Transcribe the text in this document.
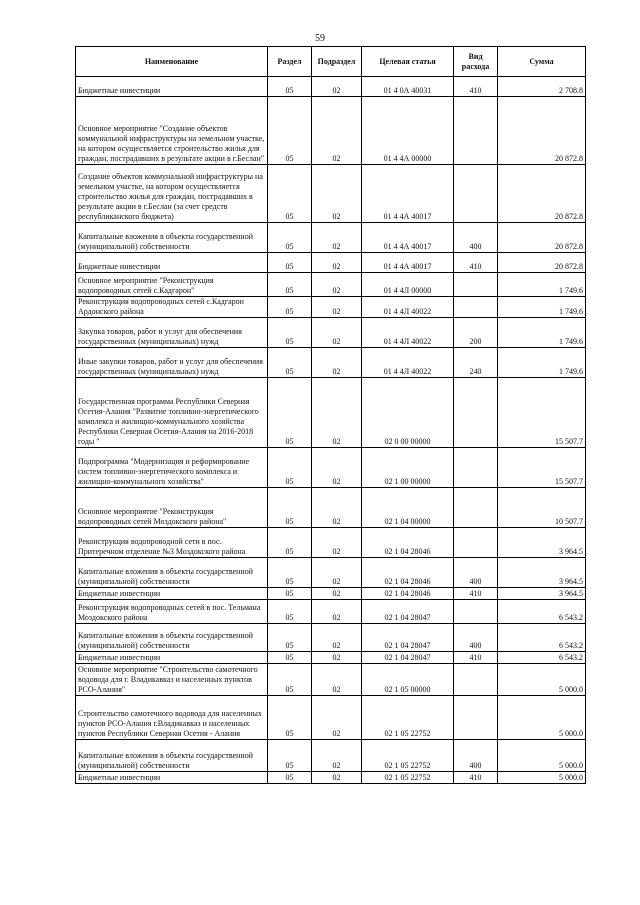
59
Наименование	Раздел	Подраздел	Целевая статья	Вид расхода	Сумма
Бюджетные инвестиции	05	02	01 4 0А 40031	410	2 708.8
Основное мероприятие "Создание объектов коммунальной инфраструктуры на земельном участке, на котором осуществляется строительство жилья для граждан, пострадавших в результате акции в г.Беслан"	05	02	01 4 4А 00000		20 872.8
Создание объектов коммунальной инфраструктуры на земельном участке, на котором осуществляется строительство жилья для граждан, пострадавших в результате акции в г.Беслан (за счет средств республиканского бюджета)	05	02	01 4 4А 40017		20 872.8
Капитальные вложения в объекты государственной (муниципальной) собственности	05	02	01 4 4А 40017	400	20 872.8
Бюджетные инвестиции	05	02	01 4 4А 40017	410	20 872.8
Основное мероприятие "Реконструкция водопроводных сетей с.Кадгарон"	05	02	01 4 4Л 00000		1 749.6
Реконструкция водопроводных сетей с.Кадгарон Ардонского района	05	02	01 4 4Л 40022		1 749.6
Закупка товаров, работ и услуг для обеспечения государственных (муниципальных) нужд	05	02	01 4 4Л 40022	200	1 749.6
Иные закупки товаров, работ и услуг для обеспечения государственных (муниципальных) нужд	05	02	01 4 4Л 40022	240	1 749.6
Государственная программа Республики Северная Осетия-Алания "Развитие топливно-энергетического комплекса и жилищно-коммунального хозяйства Республики Северная Осетия-Алания на 2016-2018 годы "	05	02	02 0 00 00000		15 507.7
Подпрограмма "Модернизация и реформирование систем топливно-энергетического комплекса и жилищно-коммунального хозяйства"	05	02	02 1 00 00000		15 507.7
Основное мероприятие "Реконструкция водопроводных сетей Моздокского района"	05	02	02 1 04 00000		10 507.7
Реконструкция водопроводной сети в пос. Притеречном отделение №3 Моздокского района	05	02	02 1 04 28046		3 964.5
Капитальные вложения в объекты государственной (муниципальной) собственности	05	02	02 1 04 28046	400	3 964.5
Бюджетные инвестиции	05	02	02 1 04 28046	410	3 964.5
Реконструкция водопроводных сетей в пос. Тельмана Моздокского района	05	02	02 1 04 28047		6 543.2
Капитальные вложения в объекты государственной (муниципальной) собственности	05	02	02 1 04 28047	400	6 543.2
Бюджетные инвестиции	05	02	02 1 04 28047	410	6 543.2
Основное мероприятие "Строительство самотечного водовода для г. Владикавказ и населенных пунктов РСО-Алания"	05	02	02 1 05 00000		5 000.0
Строительство самотечного водовода для населенных пунктов РСО-Алания г.Владикавказ и населенных пунктов Республики Северная Осетия - Алания	05	02	02 1 05 22752		5 000.0
Капитальные вложения в объекты государственной (муниципальной) собственности	05	02	02 1 05 22752	400	5 000.0
Бюджетные инвестиции	05	02	02 1 05 22752	410	5 000.0
